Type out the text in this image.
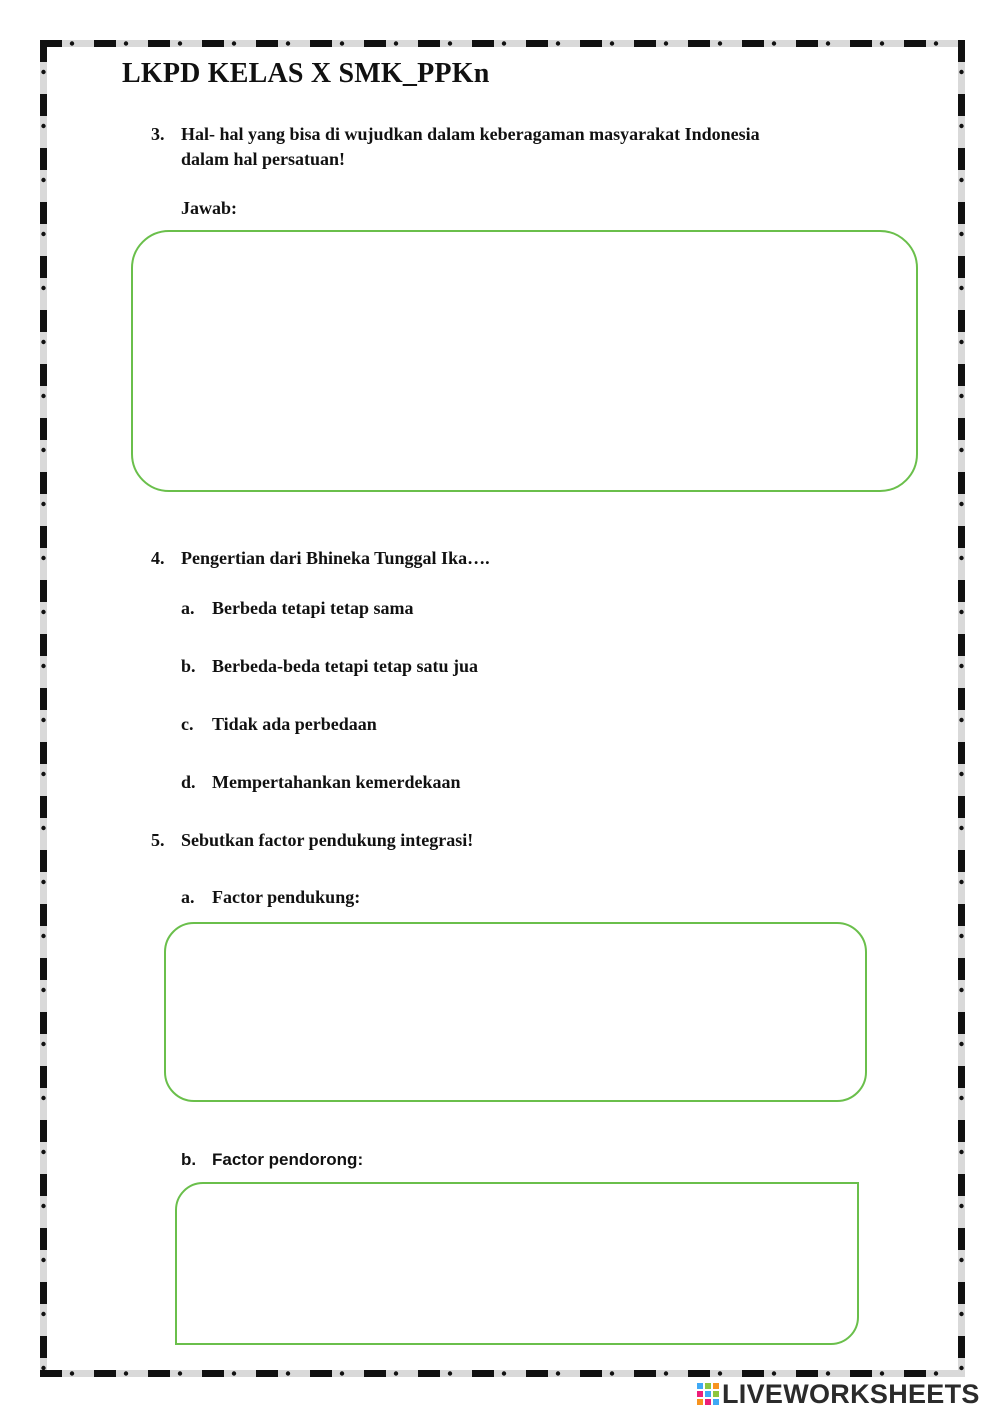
LKPD KELAS X SMK_PPKn
3. Hal- hal yang bisa di wujudkan dalam keberagaman masyarakat Indonesia
dalam hal persatuan!
Jawab:
4. Pengertian dari Bhineka Tunggal Ika….
a. Berbeda tetapi tetap sama
b. Berbeda-beda tetapi tetap satu jua
c. Tidak ada perbedaan
d. Mempertahankan kemerdekaan
5. Sebutkan factor pendukung integrasi!
a. Factor pendukung:
b. Factor pendorong:
LIVEWORKSHEETS
